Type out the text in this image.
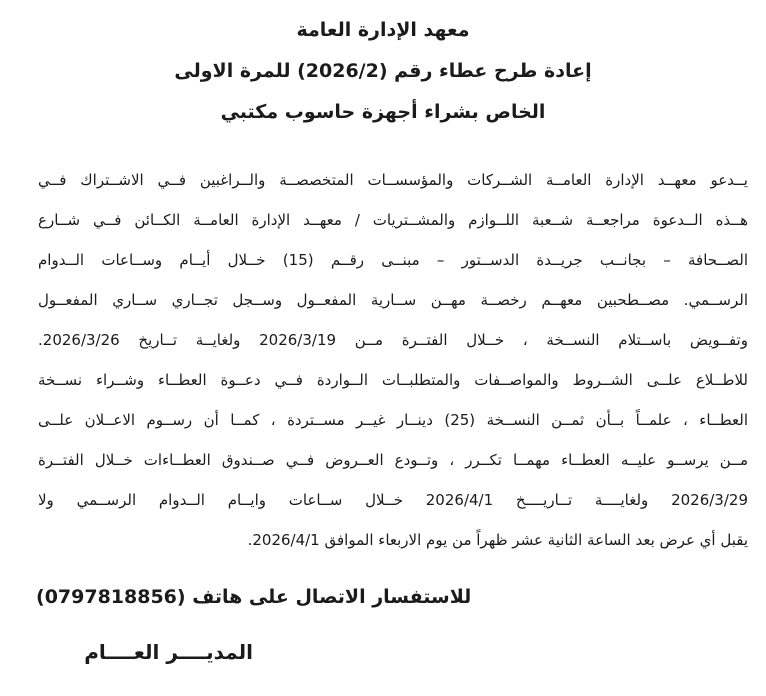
معهد الإدارة العامة
إعادة طرح عطاء رقم (2026/2) للمرة الاولى
الخاص بشراء أجهزة حاسوب مكتبي
يــدعو معهــد الإدارة العامــة الشــركات والمؤسســات المتخصصــة والــراغبين فــي الاشــتراك فــي
هــذه الــدعوة مراجعــة شــعبة اللــوازم والمشــتريات / معهــد الإدارة العامــة الكــائن فــي شــارع
الصــحافة – بجانــب جريــدة الدســتور – مبنــى رقــم (15) خــلال أيــام وســاعات الــدوام
الرســمي. مصــطحبين معهــم رخصــة مهــن ســارية المفعــول وســجل تجــاري ســاري المفعــول
وتفــويض باســتلام النســخة ، خــلال الفتــرة مــن 2026/3/19 ولغايــة تــاريخ 2026/3/26.
للاطــلاع علــى الشــروط والمواصــفات والمتطلبــات الــواردة فــي دعــوة العطــاء وشــراء نســخة
العطــاء ، علمــاً بــأن ثمــن النســخة (25) دينــار غيــر مســتردة ، كمــا أن رســوم الاعــلان علــى
مــن يرســو عليــه العطــاء مهمــا تكــرر ، وتــودع العــروض فــي صــندوق العطــاءات خــلال الفتــرة
2026/3/29 ولغايــــة تــاريــــخ 2026/4/1 خــلال ســاعات وايــام الــدوام الرســمي ولا
يقبل أي عرض بعد الساعة الثانية عشر ظهراً من يوم الاربعاء الموافق 2026/4/1.
للاستفسار الاتصال على هاتف (0797818856)
المديــــر العــــام
